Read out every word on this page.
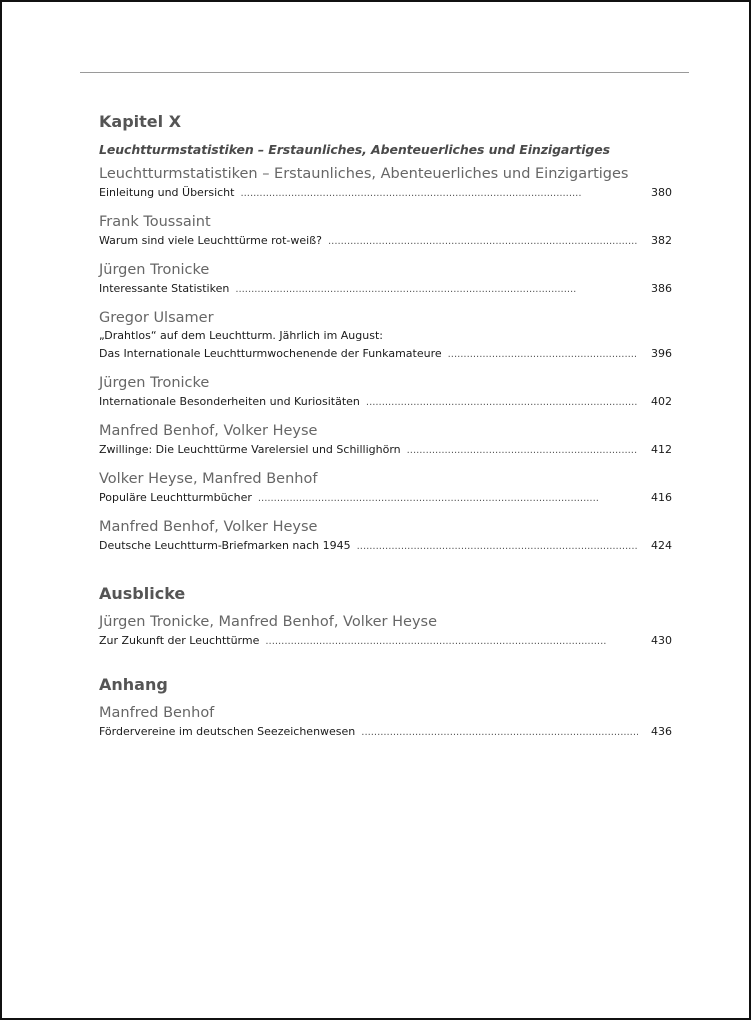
Kapitel X
Leuchtturmstatistiken – Erstaunliches, Abenteuerliches und Einzigartiges
Leuchtturmstatistiken – Erstaunliches, Abenteuerliches und Einzigartiges
Einleitung und Übersicht . . .	380
Frank Toussaint
Warum sind viele Leuchttürme rot-weiß? . . .	382
Jürgen Tronicke
Interessante Statistiken . . .	386
Gregor Ulsamer
„Drahtlos“ auf dem Leuchtturm. Jährlich im August:
Das Internationale Leuchtturmwochenende der Funkamateure . . .	396
Jürgen Tronicke
Internationale Besonderheiten und Kuriositäten . . .	402
Manfred Benhof, Volker Heyse
Zwillinge: Die Leuchttürme Varelersiel und Schillighörn . . .	412
Volker Heyse, Manfred Benhof
Populäre Leuchtturmbücher . . .	416
Manfred Benhof, Volker Heyse
Deutsche Leuchtturm-Briefmarken nach 1945 . . .	424
Ausblicke
Jürgen Tronicke, Manfred Benhof, Volker Heyse
Zur Zukunft der Leuchttürme . . .	430
Anhang
Manfred Benhof
Fördervereine im deutschen Seezeichenwesen . . .	436
